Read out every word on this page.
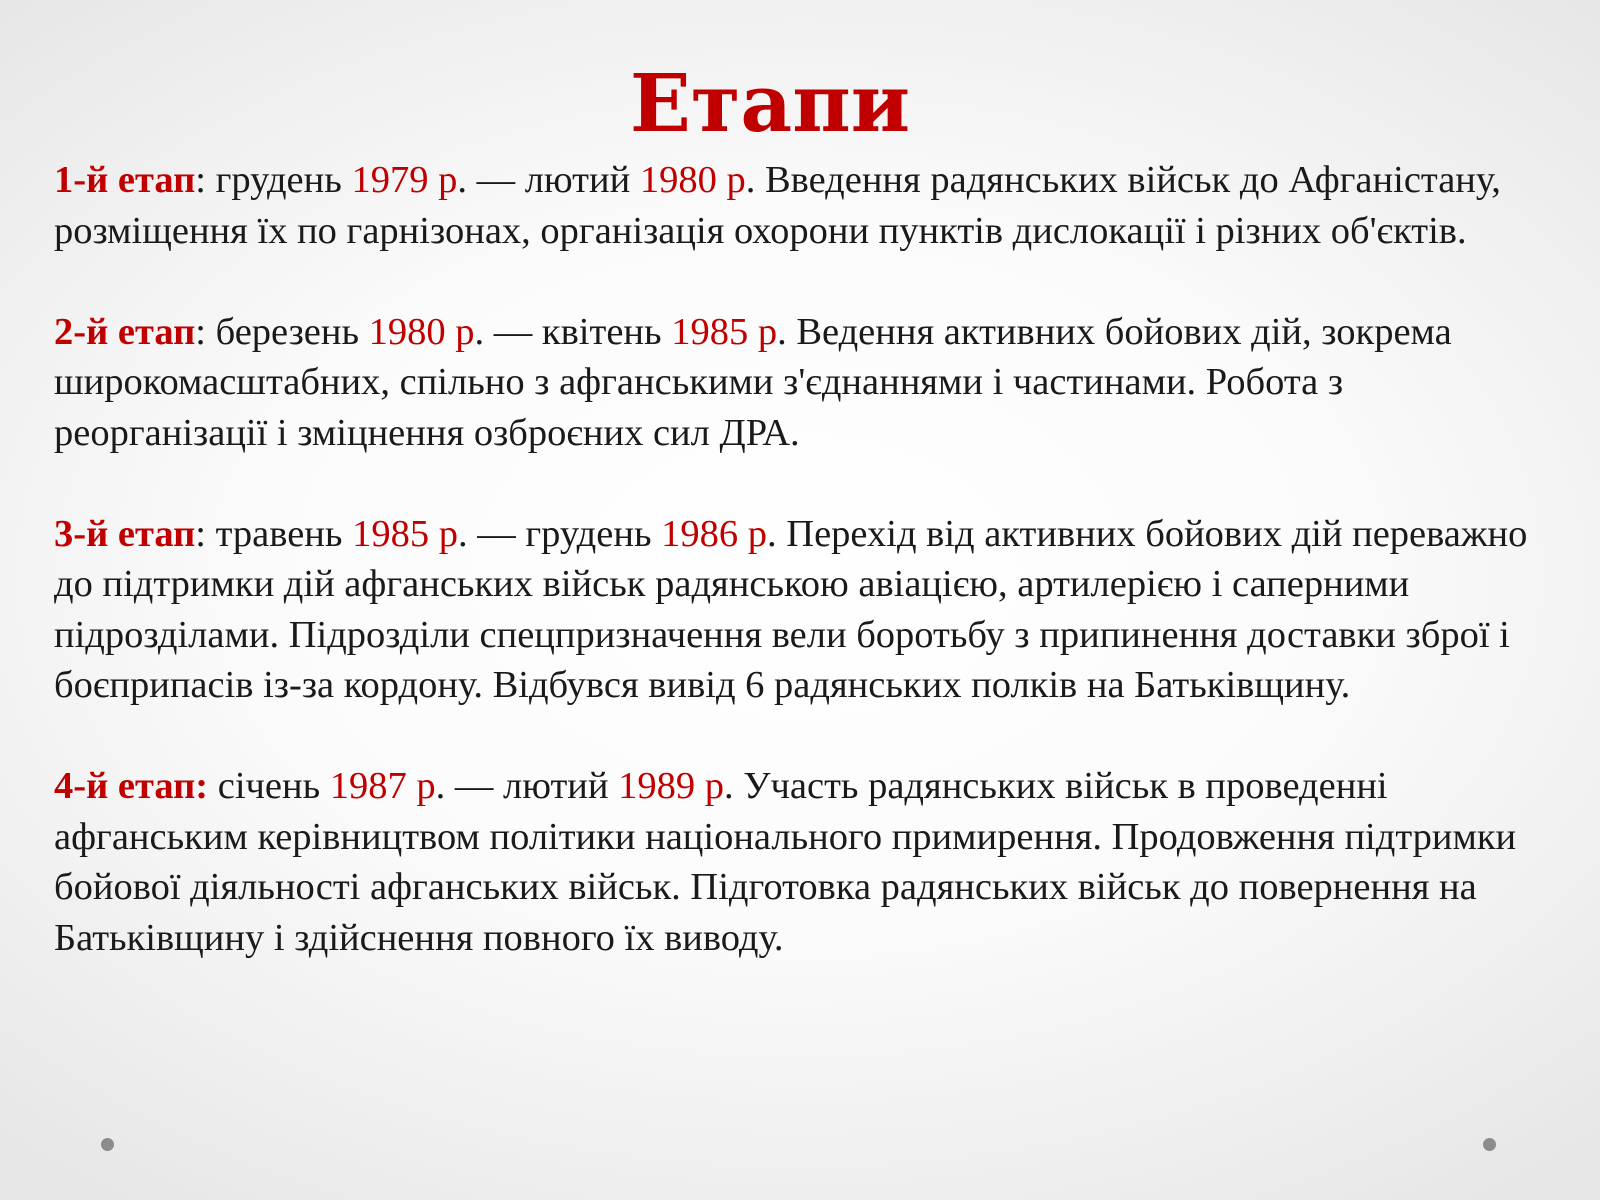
Етапи

1-й етап: грудень 1979 р. — лютий 1980 р. Введення радянських військ до Афганістану, розміщення їх по гарнізонах, організація охорони пунктів дислокації і різних об'єктів.

2-й етап: березень 1980 р. — квітень 1985 р. Ведення активних бойових дій, зокрема широкомасштабних, спільно з афганськими з'єднаннями і частинами. Робота з реорганізації і зміцнення озброєних сил ДРА.

3-й етап: травень 1985 р. — грудень 1986 р. Перехід від активних бойових дій переважно до підтримки дій афганських військ радянською авіацією, артилерією і саперними підрозділами. Підрозділи спецпризначення вели боротьбу з припинення доставки зброї і боєприпасів із-за кордону. Відбувся вивід 6 радянських полків на Батьківщину.

4-й етап: січень 1987 р. — лютий 1989 р. Участь радянських військ в проведенні афганським керівництвом політики національного примирення. Продовження підтримки бойової діяльності афганських військ. Підготовка радянських військ до повернення на Батьківщину і здійснення повного їх виводу.
